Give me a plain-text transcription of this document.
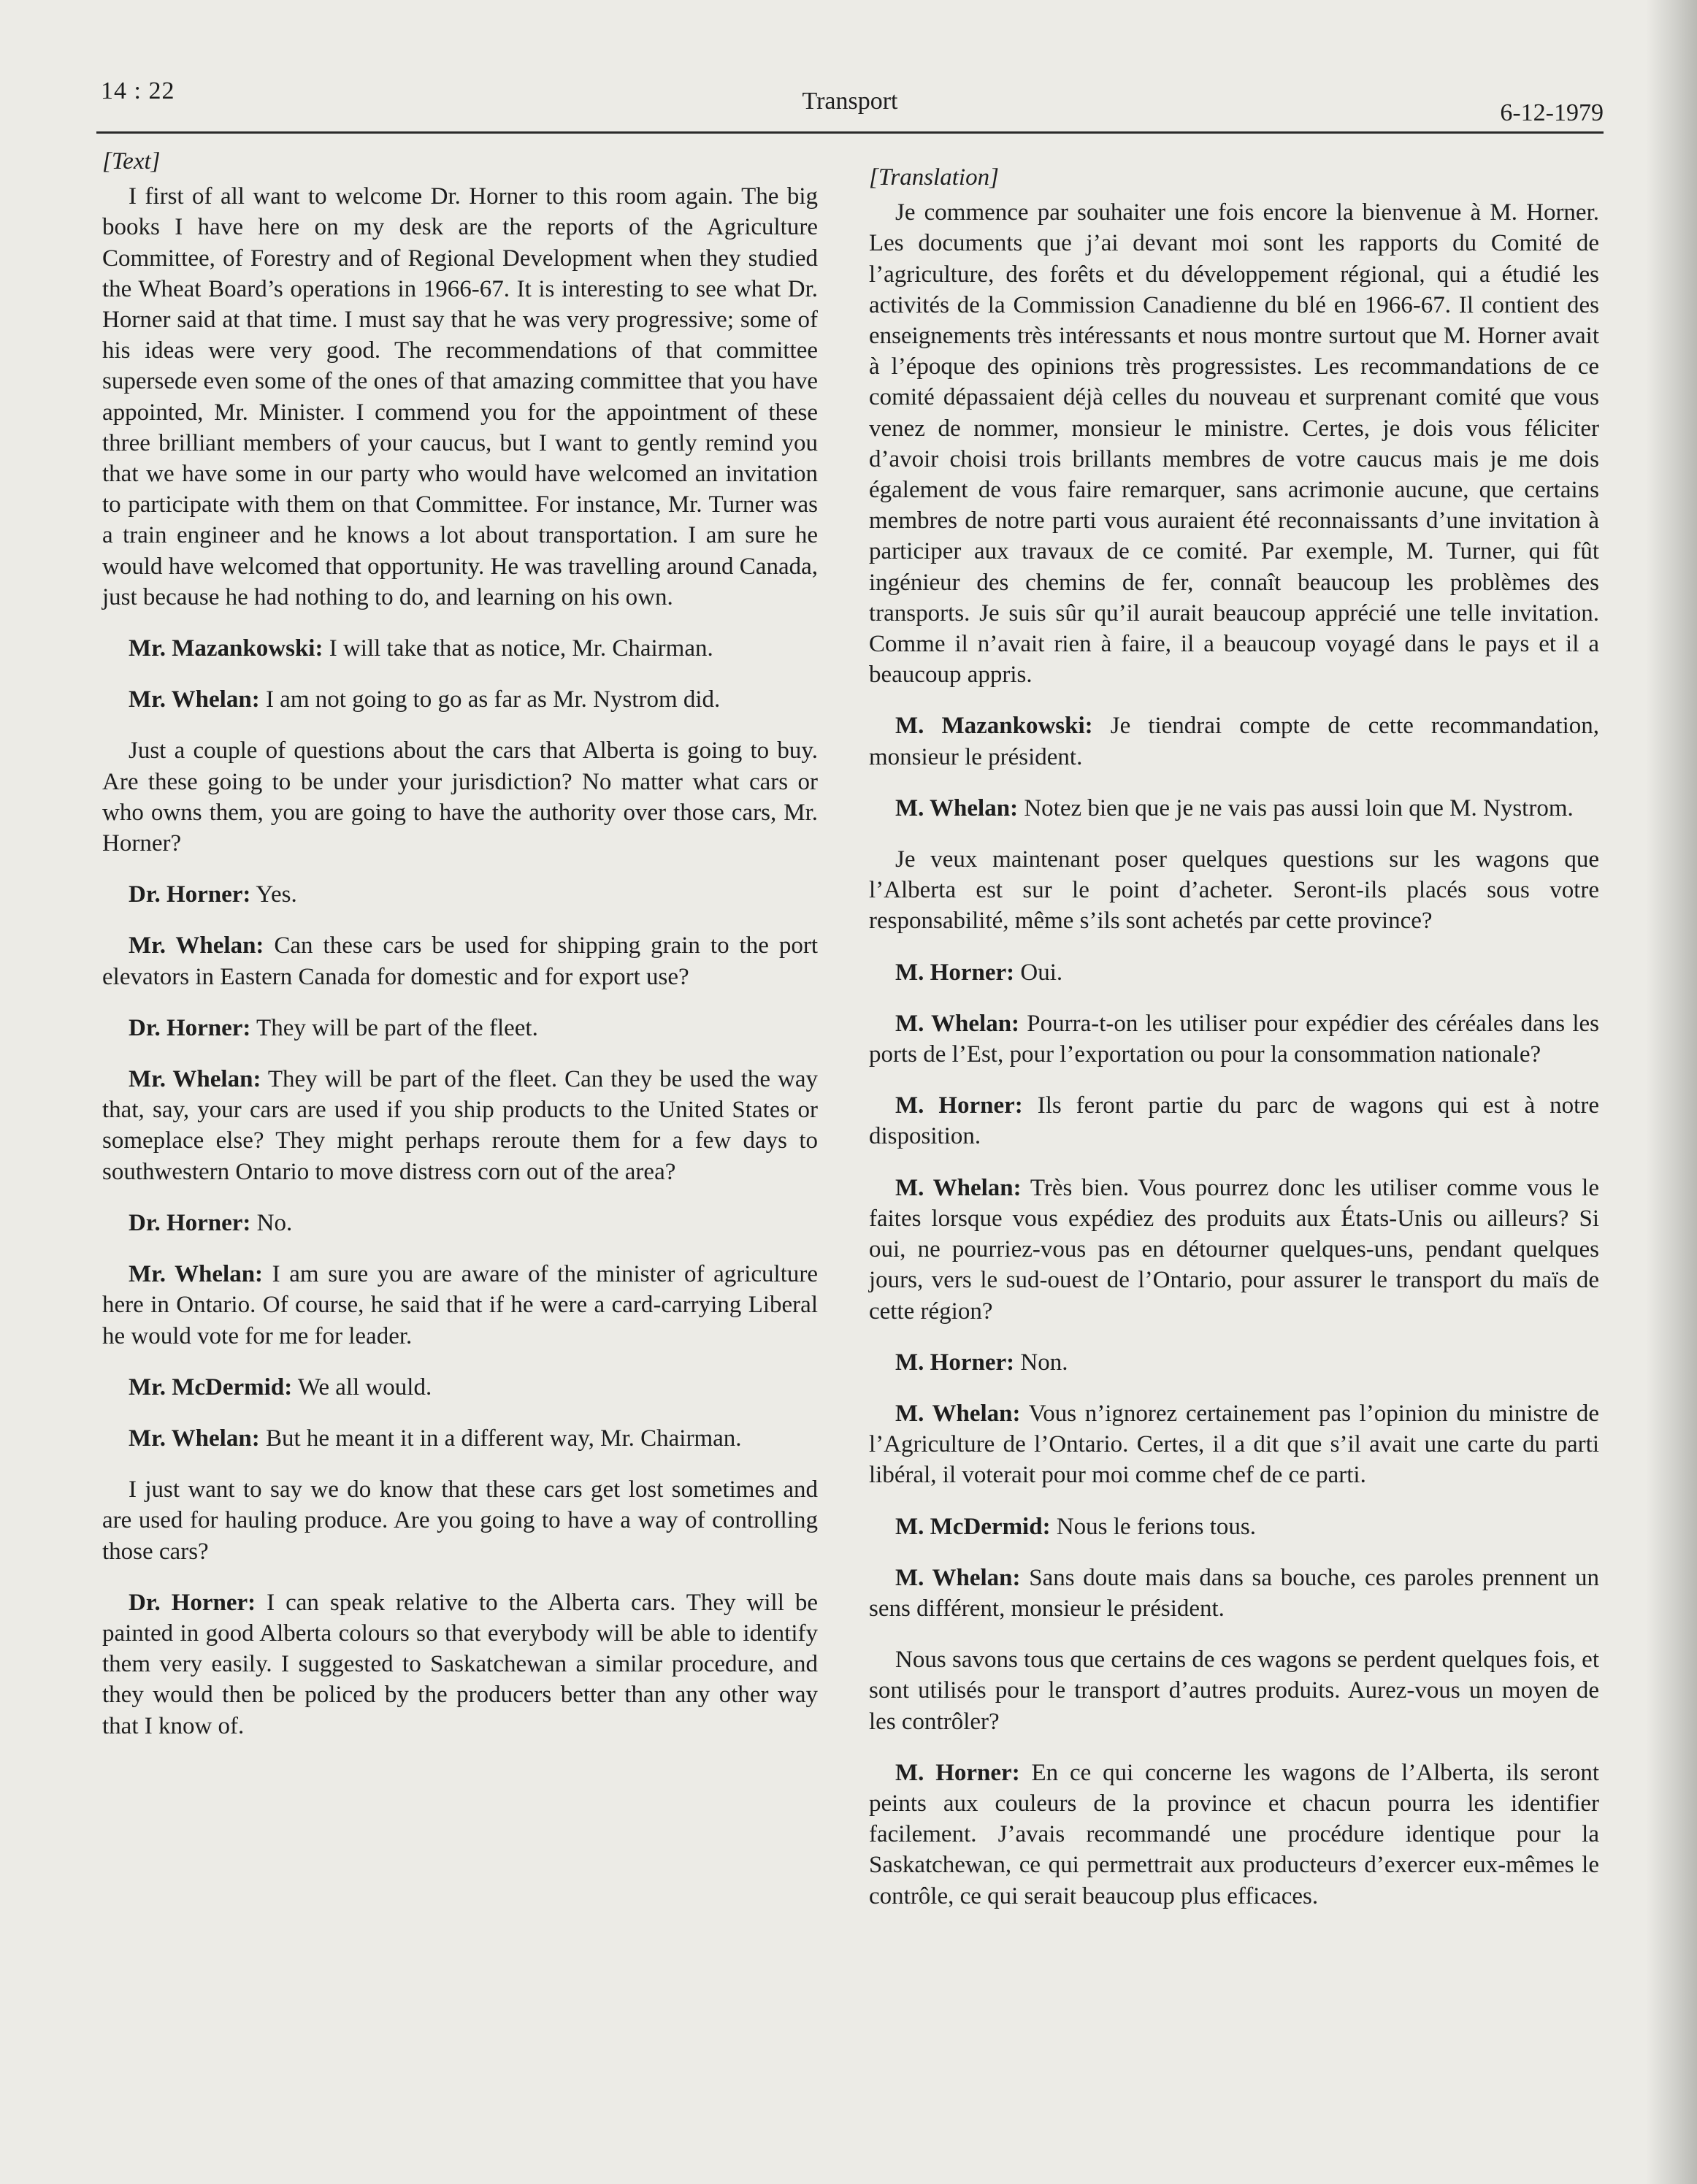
14 : 22	Transport	6-12-1979

[Text]

I first of all want to welcome Dr. Horner to this room again. The big books I have here on my desk are the reports of the Agriculture Committee, of Forestry and of Regional Development when they studied the Wheat Board’s operations in 1966-67. It is interesting to see what Dr. Horner said at that time. I must say that he was very progressive; some of his ideas were very good. The recommendations of that committee supersede even some of the ones of that amazing committee that you have appointed, Mr. Minister. I commend you for the appointment of these three brilliant members of your caucus, but I want to gently remind you that we have some in our party who would have welcomed an invitation to participate with them on that Committee. For instance, Mr. Turner was a train engineer and he knows a lot about transportation. I am sure he would have welcomed that opportunity. He was travelling around Canada, just because he had nothing to do, and learning on his own.

Mr. Mazankowski: I will take that as notice, Mr. Chairman.

Mr. Whelan: I am not going to go as far as Mr. Nystrom did.

Just a couple of questions about the cars that Alberta is going to buy. Are these going to be under your jurisdiction? No matter what cars or who owns them, you are going to have the authority over those cars, Mr. Horner?

Dr. Horner: Yes.

Mr. Whelan: Can these cars be used for shipping grain to the port elevators in Eastern Canada for domestic and for export use?

Dr. Horner: They will be part of the fleet.

Mr. Whelan: They will be part of the fleet. Can they be used the way that, say, your cars are used if you ship products to the United States or someplace else? They might perhaps reroute them for a few days to southwestern Ontario to move distress corn out of the area?

Dr. Horner: No.

Mr. Whelan: I am sure you are aware of the minister of agriculture here in Ontario. Of course, he said that if he were a card-carrying Liberal he would vote for me for leader.

Mr. McDermid: We all would.

Mr. Whelan: But he meant it in a different way, Mr. Chairman.

I just want to say we do know that these cars get lost sometimes and are used for hauling produce. Are you going to have a way of controlling those cars?

Dr. Horner: I can speak relative to the Alberta cars. They will be painted in good Alberta colours so that everybody will be able to identify them very easily. I suggested to Saskatchewan a similar procedure, and they would then be policed by the producers better than any other way that I know of.

[Translation]

Je commence par souhaiter une fois encore la bienvenue à M. Horner. Les documents que j’ai devant moi sont les rapports du Comité de l’agriculture, des forêts et du développement régional, qui a étudié les activités de la Commission Canadienne du blé en 1966-67. Il contient des enseignements très intéressants et nous montre surtout que M. Horner avait à l’époque des opinions très progressistes. Les recommandations de ce comité dépassaient déjà celles du nouveau et surprenant comité que vous venez de nommer, monsieur le ministre. Certes, je dois vous féliciter d’avoir choisi trois brillants membres de votre caucus mais je me dois également de vous faire remarquer, sans acrimonie aucune, que certains membres de notre parti vous auraient été reconnaissants d’une invitation à participer aux travaux de ce comité. Par exemple, M. Turner, qui fût ingénieur des chemins de fer, connaît beaucoup les problèmes des transports. Je suis sûr qu’il aurait beaucoup apprécié une telle invitation. Comme il n’avait rien à faire, il a beaucoup voyagé dans le pays et il a beaucoup appris.

M. Mazankowski: Je tiendrai compte de cette recommandation, monsieur le président.

M. Whelan: Notez bien que je ne vais pas aussi loin que M. Nystrom.

Je veux maintenant poser quelques questions sur les wagons que l’Alberta est sur le point d’acheter. Seront-ils placés sous votre responsabilité, même s’ils sont achetés par cette province?

M. Horner: Oui.

M. Whelan: Pourra-t-on les utiliser pour expédier des céréales dans les ports de l’Est, pour l’exportation ou pour la consommation nationale?

M. Horner: Ils feront partie du parc de wagons qui est à notre disposition.

M. Whelan: Très bien. Vous pourrez donc les utiliser comme vous le faites lorsque vous expédiez des produits aux États-Unis ou ailleurs? Si oui, ne pourriez-vous pas en détourner quelques-uns, pendant quelques jours, vers le sud-ouest de l’Ontario, pour assurer le transport du maïs de cette région?

M. Horner: Non.

M. Whelan: Vous n’ignorez certainement pas l’opinion du ministre de l’Agriculture de l’Ontario. Certes, il a dit que s’il avait une carte du parti libéral, il voterait pour moi comme chef de ce parti.

M. McDermid: Nous le ferions tous.

M. Whelan: Sans doute mais dans sa bouche, ces paroles prennent un sens différent, monsieur le président.

Nous savons tous que certains de ces wagons se perdent quelques fois, et sont utilisés pour le transport d’autres produits. Aurez-vous un moyen de les contrôler?

M. Horner: En ce qui concerne les wagons de l’Alberta, ils seront peints aux couleurs de la province et chacun pourra les identifier facilement. J’avais recommandé une procédure identique pour la Saskatchewan, ce qui permettrait aux producteurs d’exercer eux-mêmes le contrôle, ce qui serait beaucoup plus efficaces.
